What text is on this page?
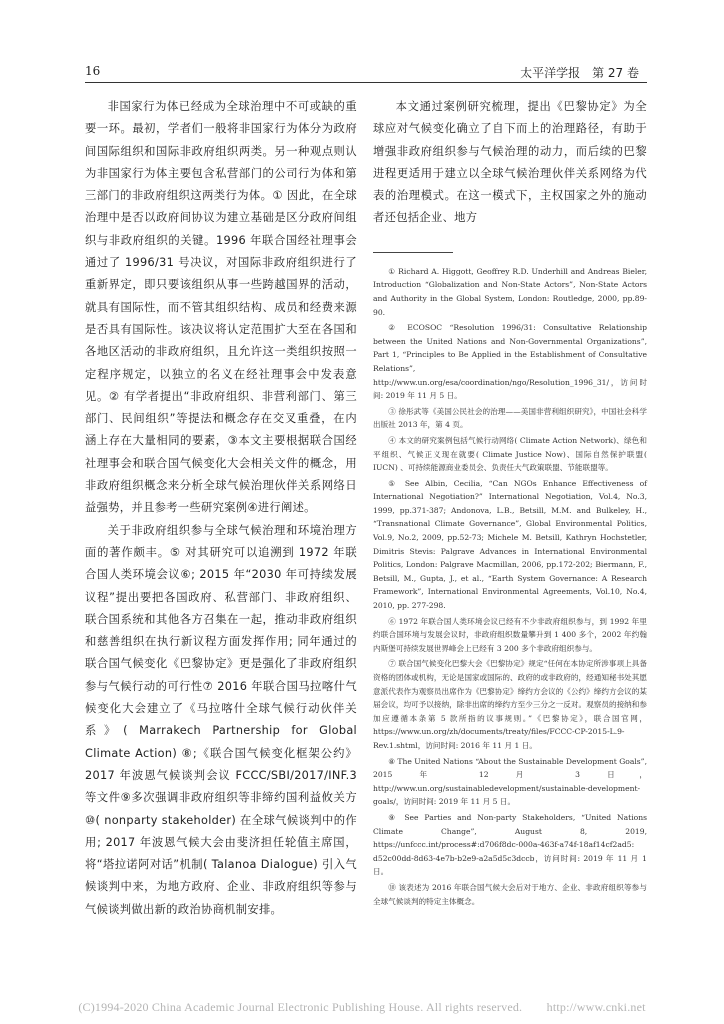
16	太平洋学报　第 27 卷

非国家行为体已经成为全球治理中不可或缺的重要一环。最初，学者们一般将非国家行为体分为政府间国际组织和国际非政府组织两类。另一种观点则认为非国家行为体主要包含私营部门的公司行为体和第三部门的非政府组织这两类行为体。① 因此，在全球治理中是否以政府间协议为建立基础是区分政府间组织与非政府组织的关键。1996 年联合国经社理事会通过了 1996/31 号决议，对国际非政府组织进行了重新界定，即只要该组织从事一些跨越国界的活动，就具有国际性，而不管其组织结构、成员和经费来源是否具有国际性。该决议将认定范围扩大至在各国和各地区活动的非政府组织，且允许这一类组织按照一定程序规定，以独立的名义在经社理事会中发表意见。② 有学者提出“非政府组织、非营利部门、第三部门、民间组织”等提法和概念存在交叉重叠，在内涵上存在大量相同的要素，③本文主要根据联合国经社理事会和联合国气候变化大会相关文件的概念，用非政府组织概念来分析全球气候治理伙伴关系网络日益强势，并且参考一些研究案例④进行阐述。

关于非政府组织参与全球气候治理和环境治理方面的著作颇丰。⑤ 对其研究可以追溯到 1972 年联合国人类环境会议⑥; 2015 年“2030 年可持续发展议程”提出要把各国政府、私营部门、非政府组织、联合国系统和其他各方召集在一起，推动非政府组织和慈善组织在执行新议程方面发挥作用; 同年通过的联合国气候变化《巴黎协定》更是强化了非政府组织参与气候行动的可行性⑦ 2016 年联合国马拉喀什气候变化大会建立了《马拉喀什全球气候行动伙伴关系》( Marrakech Partnership for Global Climate Action) ⑧;《联合国气候变化框架公约》2017 年波恩气候谈判会议 FCCC/SBI/2017/INF.3 等文件⑨多次强调非政府组织等非缔约国利益攸关方⑩( nonparty stakeholder) 在全球气候谈判中的作用; 2017 年波恩气候大会由斐济担任轮值主席国，将“塔拉诺阿对话”机制( Talanoa Dialogue) 引入气候谈判中来，为地方政府、企业、非政府组织等参与气候谈判做出新的政治协商机制安排。

本文通过案例研究梳理，提出《巴黎协定》为全球应对气候变化确立了自下而上的治理路径，有助于增强非政府组织参与气候治理的动力，而后续的巴黎进程更适用于建立以全球气候治理伙伴关系网络为代表的治理模式。在这一模式下，主权国家之外的施动者还包括企业、地方

① Richard A. Higgott, Geoffrey R.D. Underhill and Andreas Bieler, Introduction “Globalization and Non-State Actors”, Non-State Actors and Authority in the Global System, London: Routledge, 2000, pp.89-90.

② ECOSOC “Resolution 1996/31: Consultative Relationship between the United Nations and Non-Governmental Organizations”, Part 1, “Principles to Be Applied in the Establishment of Consultative Relations”, http://www.un.org/esa/coordination/ngo/Resolution_1996_31/，访问时间: 2019 年 11 月 5 日。

③ 徐彤武等《美国公民社会的治理——美国非营利组织研究》，中国社会科学出版社 2013 年，第 4 页。

④ 本文的研究案例包括气候行动网络( Climate Action Network)、绿色和平组织、气候正义现在就要( Climate Justice Now)、国际自然保护联盟( IUCN) 、可持续能源商业委员会、负责任大气政策联盟、节能联盟等。

⑤ See Albin, Cecilia, “Can NGOs Enhance Effectiveness of International Negotiation?” International Negotiation, Vol.4, No.3, 1999, pp.371-387; Andonova, L.B., Betsill, M.M. and Bulkeley, H., “Transnational Climate Governance”, Global Environmental Politics, Vol.9, No.2, 2009, pp.52-73; Michele M. Betsill, Kathryn Hochstetler, Dimitris Stevis: Palgrave Advances in International Environmental Politics, London: Palgrave Macmillan, 2006, pp.172-202; Biermann, F., Betsill, M., Gupta, J., et al., “Earth System Governance: A Research Framework”, International Environmental Agreements, Vol.10, No.4, 2010, pp. 277-298.

⑥ 1972 年联合国人类环境会议已经有不少非政府组织参与，到 1992 年里约联合国环境与发展会议时，非政府组织数量攀升到 1 400 多个，2002 年约翰内斯堡可持续发展世界峰会上已经有 3 200 多个非政府组织参与。

⑦ 联合国气候变化巴黎大会《巴黎协定》规定“任何在本协定所涉事项上具备资格的团体或机构，无论是国家或国际的、政府的或非政府的，经通知秘书处其愿意派代表作为观察员出席作为《巴黎协定》缔约方会议的《公约》缔约方会议的某届会议，均可予以接纳，除非出席的缔约方至少三分之一反对。观察员的接纳和参加应遵循本条第 5 款所指的议事规则。”《巴黎协定》，联合国官网，https://www.un.org/zh/documents/treaty/files/FCCC-CP-2015-L.9-Rev.1.shtml，访问时间: 2016 年 11 月 1 日。

⑧ The United Nations “About the Sustainable Development Goals”, 2015 年 12 月 3 日，http://www.un.org/sustainabledevelopment/sustainable-development-goals/，访问时间: 2019 年 11 月 5 日。

⑨ See Parties and Non-party Stakeholders, “United Nations Climate Change”, August 8, 2019, https://unfccc.int/process#:d706f8dc-000a-463f-a74f-18af14cf2ad5: d52c00dd-8d63-4e7b-b2e9-a2a5d5c3dccb，访问时间: 2019 年 11 月 1 日。

⑩ 该表述为 2016 年联合国气候大会后对于地方、企业、非政府组织等参与全球气候谈判的特定主体概念。

(C)1994-2020 China Academic Journal Electronic Publishing House. All rights reserved.　　http://www.cnki.net
